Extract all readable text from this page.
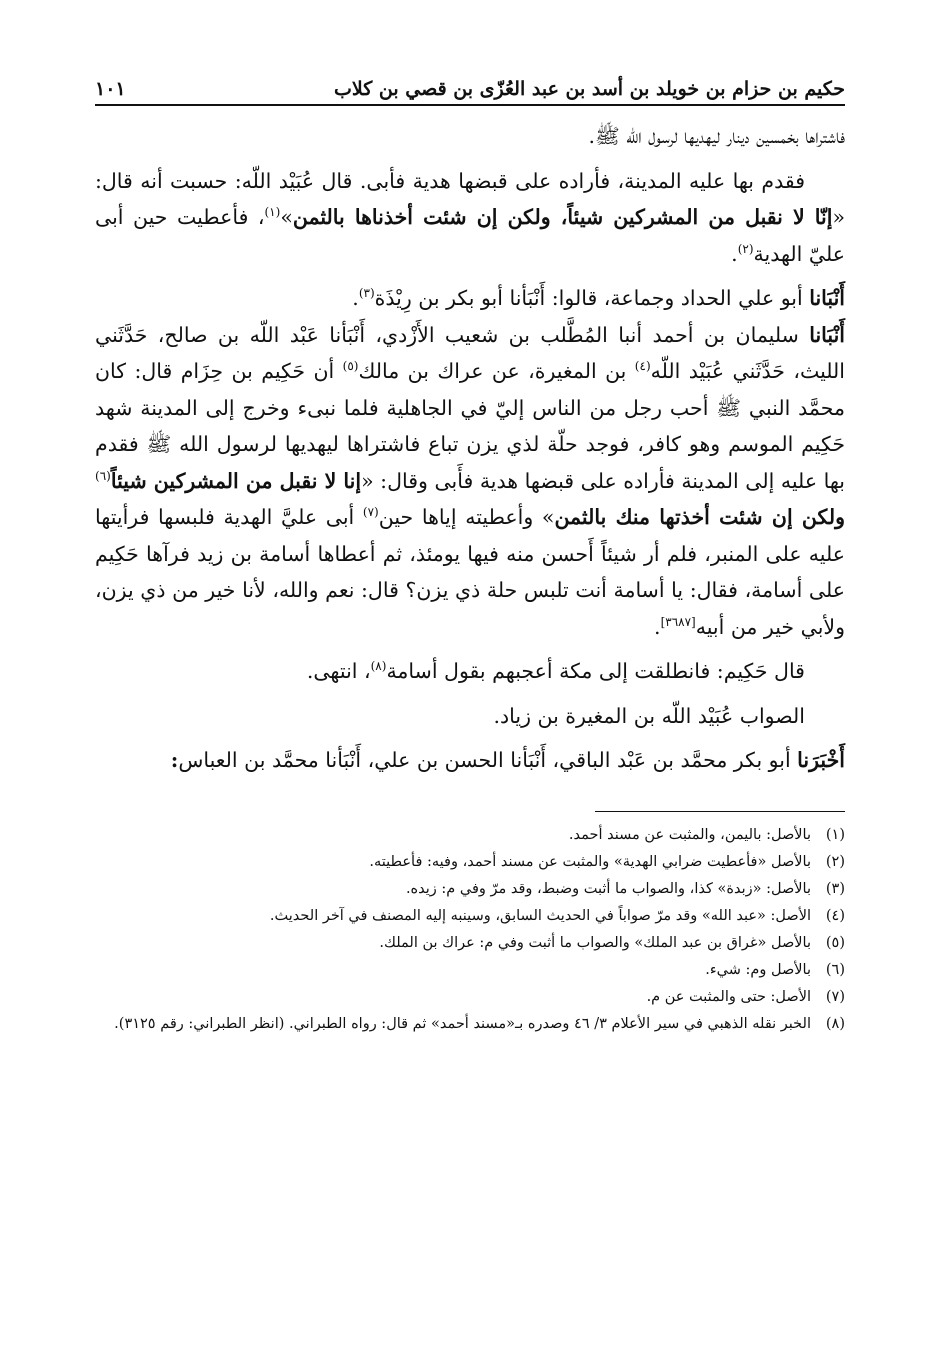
حكيم بن حزام بن خويلد بن أسد بن عبد العُزّى بن قصي بن كلاب
١٠١

فاشتراها بخمسين دينار ليهديها لرسول الله ﷺ.

فقدم بها عليه المدينة، فأراده على قبضها هدية فأبى. قال عُبَيْد اللّه: حسبت أنه قال: «إنّا لا نقبل من المشركين شيئاً، ولكن إن شئت أخذناها بالثمن»$^{(١)}$، فأعطيت حين أبى عليّ الهدية$^{(٢)}$.

أَنْبَانا أبو علي الحداد وجماعة، قالوا: أَنْبَأنا أبو بكر بن رِيْذَة$^{(٣)}$.

أَنْبَانا سليمان بن أحمد أنبا المُطَّلب بن شعيب الأَزْدي، أَنْبَأنا عَبْد اللّه بن صالح، حَدَّثَني الليث، حَدَّثَني عُبَيْد اللّه$^{(٤)}$ بن المغيرة، عن عراك بن مالك$^{(٥)}$ أن حَكِيم بن حِزَام قال: كان محمَّد النبي ﷺ أحب رجل من الناس إليّ في الجاهلية فلما نبىء وخرج إلى المدينة شهد حَكِيم الموسم وهو كافر، فوجد حلّة لذي يزن تباع فاشتراها ليهديها لرسول الله ﷺ فقدم بها عليه إلى المدينة فأراده على قبضها هدية فأَبى وقال: «إنا لا نقبل من المشركين شيئاً$^{(٦)}$ ولكن إن شئت أخذتها منك بالثمن» وأعطيته إياها حين$^{(٧)}$ أبى عليَّ الهدية فلبسها فرأيتها عليه على المنبر، فلم أر شيئاً أَحسن منه فيها يومئذ، ثم أعطاها أسامة بن زيد فرآها حَكِيم على أسامة، فقال: يا أسامة أنت تلبس حلة ذي يزن؟ قال: نعم والله، لأنا خير من ذي يزن، ولأبي خير من أبيه[٣٦٨٧].

قال حَكِيم: فانطلقت إلى مكة أعجبهم بقول أسامة$^{(٨)}$، انتهى.

الصواب عُبَيْد اللّه بن المغيرة بن زياد.

أَخْبَرَنا أبو بكر محمَّد بن عَبْد الباقي، أَنْبَأنا الحسن بن علي، أَنْبَأنا محمَّد بن العباس:

(١)
بالأصل: باليمن، والمثبت عن مسند أحمد.
(٢)
بالأصل «فأعطيت ضرابي الهدية» والمثبت عن مسند أحمد، وفيه: فأعطيته.
(٣)
بالأصل: «زبدة» كذا، والصواب ما أثبت وضبط، وقد مرّ وفي م: زيده.
(٤)
الأصل: «عبد الله» وقد مرّ صواباً في الحديث السابق، وسينبه إليه المصنف في آخر الحديث.
(٥)
بالأصل «غراق بن عبد الملك» والصواب ما أثبت وفي م: عراك بن الملك.
(٦)
بالأصل وم: شيء.
(٧)
الأصل: حتى والمثبت عن م.
(٨)
الخبر نقله الذهبي في سير الأعلام ٣/ ٤٦ وصدره بـ«مسند أحمد» ثم قال: رواه الطبراني. (انظر الطبراني: رقم ٣١٢٥).
